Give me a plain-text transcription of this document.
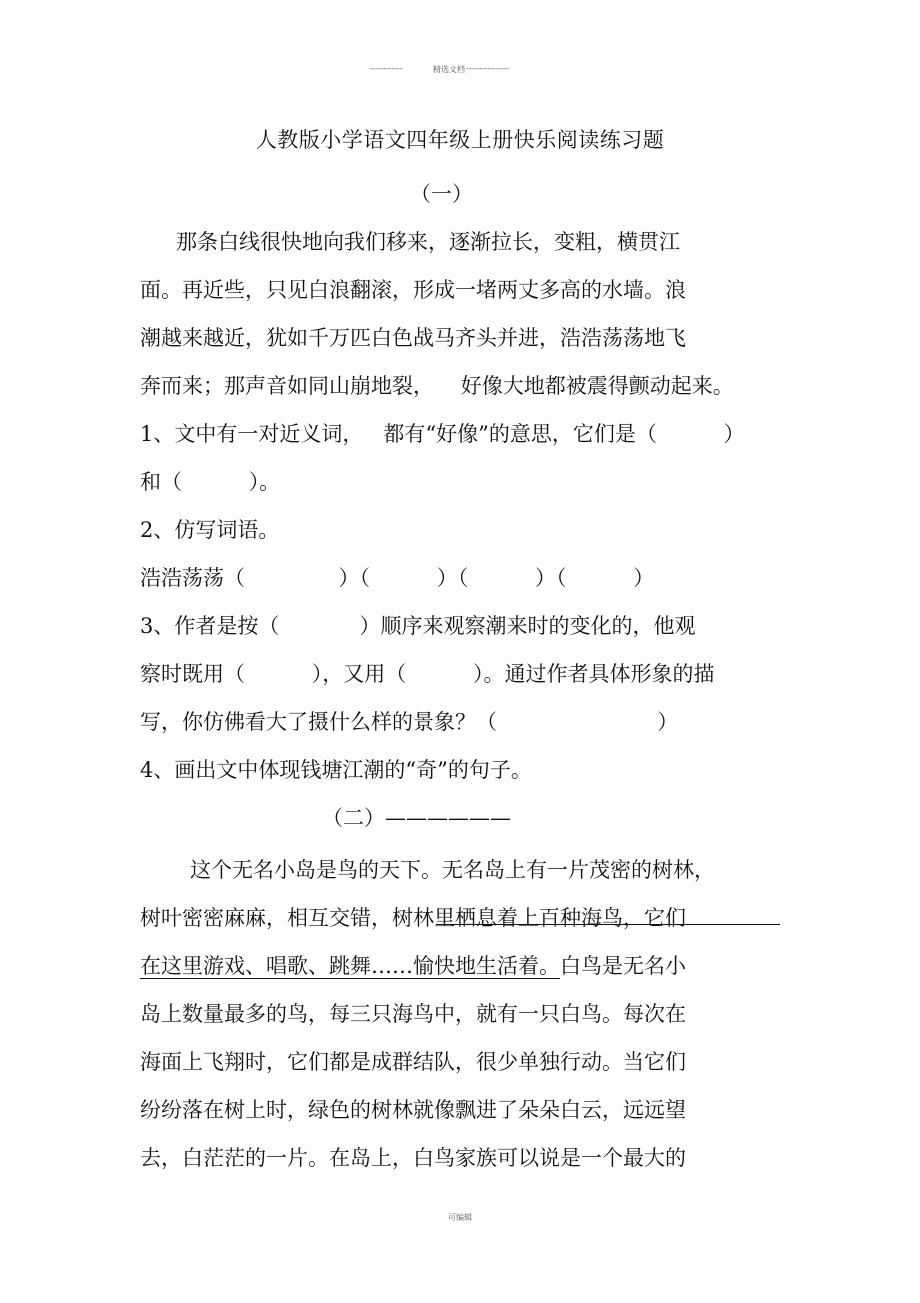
------------	精选文档 ----------------
人教版小学语文四年级上册快乐阅读练习题
（一）
那条白线很快地向我们移来，逐渐拉长，变粗，横贯江
面。再近些，只见白浪翻滚，形成一堵两丈多高的水墙。浪
潮越来越近，犹如千万匹白色战马齐头并进，浩浩荡荡地飞
奔而来；那声音如同山崩地裂，    好像大地都被震得颤动起来。
1、文中有一对近义词，   都有“好像”的意思，它们是（          ）
和（          ）。
2、仿写词语。
浩浩荡荡（              ）（          ）（          ）（          ）
3、作者是按（            ）顺序来观察潮来时的变化的，他观
察时既用（          ），又用（          ）。通过作者具体形象的描
写，你仿佛看大了摄什么样的景象？（                        ）
4、画出文中体现钱塘江潮的“奇”的句子。
（二）——————
这个无名小岛是鸟的天下。无名岛上有一片茂密的树林，
树叶密密麻麻，相互交错，树林里栖息着上百种海鸟，它们
在这里游戏、唱歌、跳舞……愉快地生活着。白鸟是无名小
岛上数量最多的鸟，每三只海鸟中，就有一只白鸟。每次在
海面上飞翔时，它们都是成群结队，很少单独行动。当它们
纷纷落在树上时，绿色的树林就像飘进了朵朵白云，远远望
去，白茫茫的一片。在岛上，白鸟家族可以说是一个最大的
可编辑
